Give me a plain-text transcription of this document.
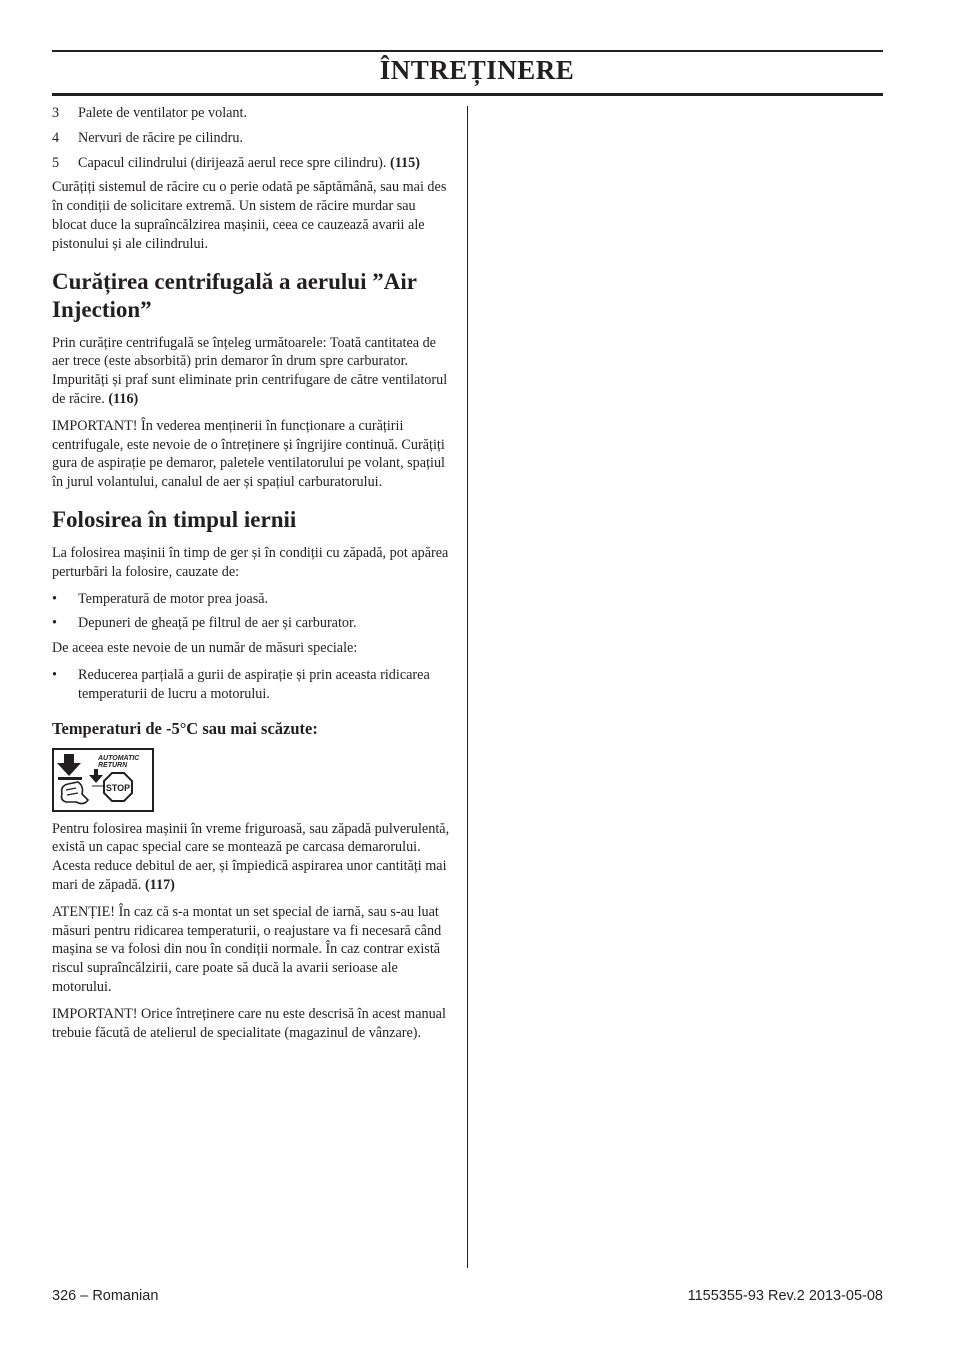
ÎNTREȚINERE
3	Palete de ventilator pe volant.
4	Nervuri de răcire pe cilindru.
5	Capacul cilindrului (dirijează aerul rece spre cilindru). (115)

Curățiți sistemul de răcire cu o perie odată pe săptămână, sau mai des în condiții de solicitare extremă. Un sistem de răcire murdar sau blocat duce la supraîncălzirea mașinii, ceea ce cauzează avarii ale pistonului și ale cilindrului.

Curățirea centrifugală a aerului ”Air Injection”

Prin curățire centrifugală se înțeleg următoarele: Toată cantitatea de aer trece (este absorbită) prin demaror în drum spre carburator. Impurități și praf sunt eliminate prin centrifugare de către ventilatorul de răcire. (116)

IMPORTANT! În vederea menținerii în funcționare a curățirii centrifugale, este nevoie de o întreținere și îngrijire continuă. Curățiți gura de aspirație pe demaror, paletele ventilatorului pe volant, spațiul în jurul volantului, canalul de aer și spațiul carburatorului.

Folosirea în timpul iernii

La folosirea mașinii în timp de ger și în condiții cu zăpadă, pot apărea perturbări la folosire, cauzate de:

•	Temperatură de motor prea joasă.
•	Depuneri de gheață pe filtrul de aer și carburator.

De aceea este nevoie de un număr de măsuri speciale:

•	Reducerea parțială a gurii de aspirație și prin aceasta ridicarea temperaturii de lucru a motorului.
Temperaturi de -5°C sau mai scăzute:
AUTOMATIC
RETURN
STOP

Pentru folosirea mașinii în vreme friguroasă, sau zăpadă pulverulentă, există un capac special care se montează pe carcasa demarorului. Acesta reduce debitul de aer, și împiedică aspirarea unor cantități mai mari de zăpadă. (117)

ATENȚIE! În caz că s-a montat un set special de iarnă, sau s-au luat măsuri pentru ridicarea temperaturii, o reajustare va fi necesară când mașina se va folosi din nou în condiții normale. În caz contrar există riscul supraîncălzirii, care poate să ducă la avarii serioase ale motorului.

IMPORTANT! Orice întreținere care nu este descrisă în acest manual trebuie făcută de atelierul de specialitate (magazinul de vânzare).

326 – Romanian	1155355-93 Rev.2 2013-05-08
